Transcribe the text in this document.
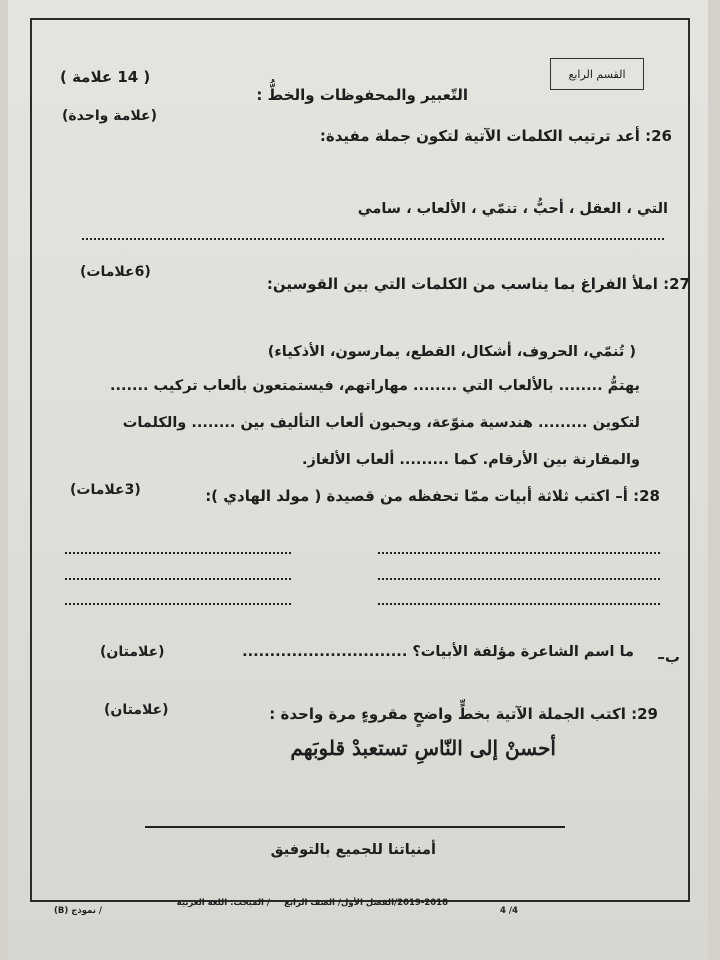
القسم الرابع
التّعبير والمحفوظات والخطُّ :
( 14 علامة )
(علامة واحدة)
26: أعد ترتيب الكلمات الآتية لتكون جملة مفيدة:
التي ، العقل ، أحبُّ ، تنمّي ، الألعاب ، سامي
(6علامات)
27: املأ الفراغ بما يناسب من الكلمات التي بين القوسين:
( تُنمّي، الحروف، أشكال، القطع، يمارسون، الأذكياء)
يهتمُّ ........ بالألعاب التي ........ مهاراتهم، فيستمتعون بألعاب تركيب .......
لتكوين ......... هندسية منوّعة، ويحبون ألعاب التأليف بين ........ والكلمات
والمقارنة بين الأرقام. كما ......... ألعاب الألغاز.
(3علامات)	28: أ– اكتب ثلاثة أبيات ممّا تحفظه من قصيدة ( مولد الهادي ):
(علامتان)	ب–
ما اسم الشاعرة مؤلفة الأبيات؟ ..............................
(علامتان)	29: اكتب الجملة الآتية بخطٍّ واضحٍ مقروءٍ مرة واحدة :
أحسنْ إلى النّاسِ تستعبدْ قلوبَهم
أمنياتنا للجميع بالتوفيق
4 /4
2019-2018/الفصل الأول/ الصف الرابع
/ المبحث: اللغة العربية
/ نموذج (B)
